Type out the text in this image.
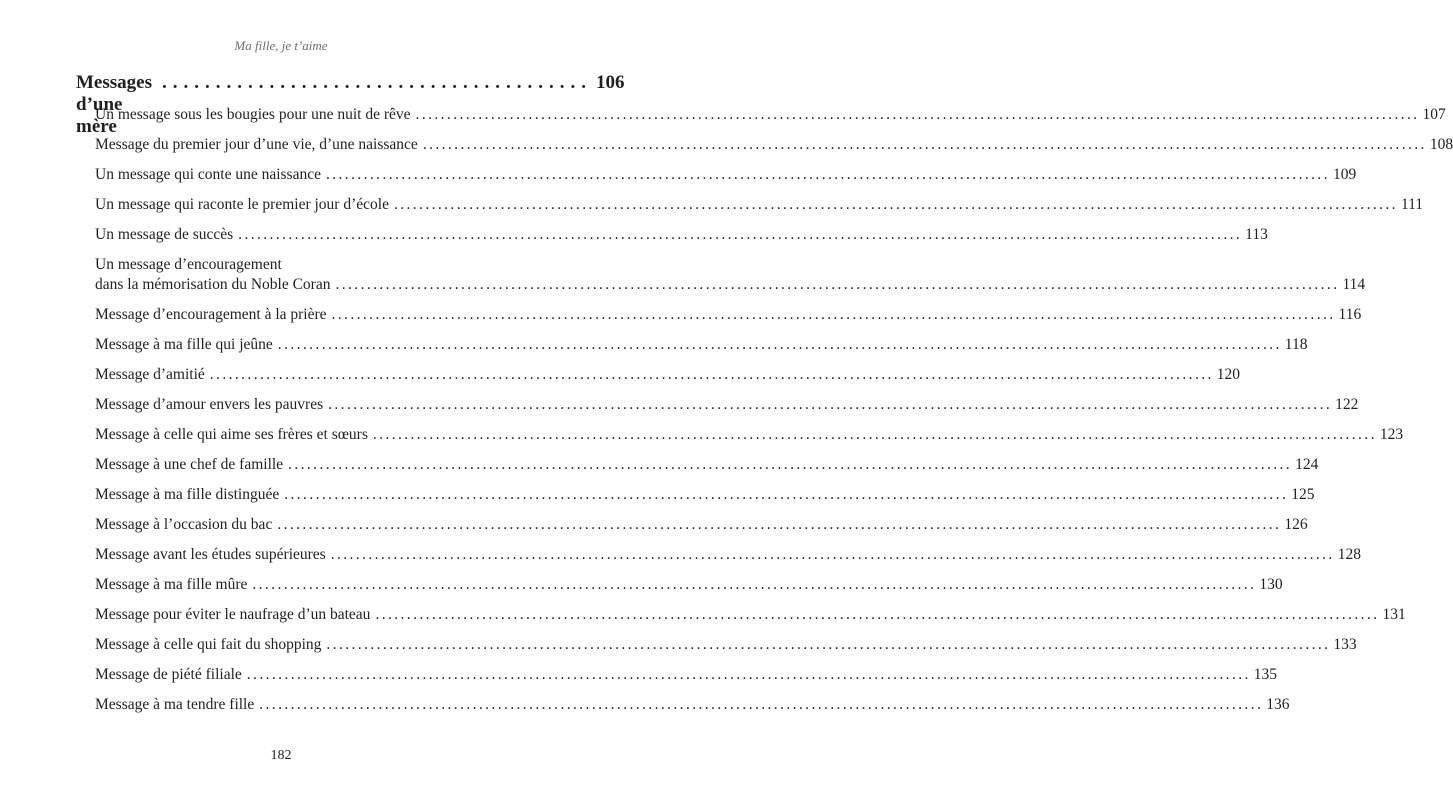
Ma fille, je t’aime
Messages d’une mère
........................................ 106
Un message sous les bougies pour une nuit de rêve ................................................................................................................................................................ 107
Message du premier jour d’une vie, d’une naissance ................................................................................................................................................................ 108
Un message qui conte une naissance ................................................................................................................................................................ 109
Un message qui raconte le premier jour d’école ................................................................................................................................................................ 111
Un message de succès ................................................................................................................................................................ 113
Un message d’encouragement
dans la mémorisation du Noble Coran ................................................................................................................................................................ 114
Message d’encouragement à la prière ................................................................................................................................................................ 116
Message à ma fille qui jeûne ................................................................................................................................................................ 118
Message d’amitié ................................................................................................................................................................ 120
Message d’amour envers les pauvres ................................................................................................................................................................ 122
Message à celle qui aime ses frères et sœurs ................................................................................................................................................................ 123
Message à une chef de famille ................................................................................................................................................................ 124
Message à ma fille distinguée ................................................................................................................................................................ 125
Message à l’occasion du bac ................................................................................................................................................................ 126
Message avant les études supérieures ................................................................................................................................................................ 128
Message à ma fille mûre ................................................................................................................................................................ 130
Message pour éviter le naufrage d’un bateau ................................................................................................................................................................ 131
Message à celle qui fait du shopping ................................................................................................................................................................ 133
Message de piété filiale ................................................................................................................................................................ 135
Message à ma tendre fille ................................................................................................................................................................ 136
182
